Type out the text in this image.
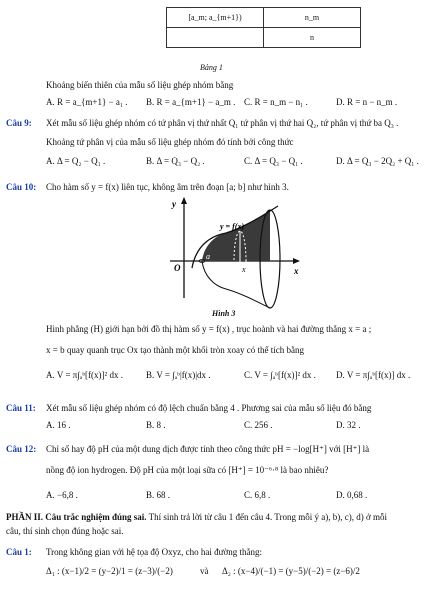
[a_m; a_{m+1})	n_m
	n
Bảng 1
Khoảng biến thiên của mẫu số liệu ghép nhóm bằng
A. R = a_{m+1} − a₁ . B. R = a_{m+1} − a_m . C. R = n_m − n₁ .	D. R = n − n_m .
Câu 9: Xét mẫu số liệu ghép nhóm có tứ phân vị thứ nhất Q₁ tứ phân vị thứ hai Q₂, tứ phân vị thứ ba Q₃ .
Khoảng tứ phân vị của mẫu số liệu ghép nhóm đó tính bởi công thức
A. Δ = Q₂ − Q₁ .	B. Δ = Q₃ − Q₂ .	C. Δ = Q₃ − Q₁ .	D. Δ = Q₃ − 2Q₂ + Q₁ .
Câu 10: Cho hàm số y = f(x) liên tục, không âm trên đoạn [a; b] như hình 3.
y
x
O
a	b
x
y = f(x)
Hình 3
Hình phẳng (H) giới hạn bởi đồ thị hàm số y = f(x) , trục hoành và hai đường thẳng x = a ;
x = b quay quanh trục Ox tạo thành một khối tròn xoay có thể tích bằng
A. V = π∫ₐᵇ[f(x)]² dx .	B. V = ∫ₐᵇ|f(x)|dx .	C. V = ∫ₐᵇ[f(x)]² dx . D. V = π∫ₐᵇ[f(x)] dx .
Câu 11: Xét mẫu số liệu ghép nhóm có độ lệch chuẩn bằng 4 . Phương sai của mẫu số liệu đó bằng
A. 16 .	B. 8 .	C. 256 .	D. 32 .
Câu 12: Chỉ số hay độ pH của một dung dịch được tính theo công thức pH = −log[H⁺] với [H⁺] là
nồng độ ion hydrogen. Độ pH của một loại sữa có [H⁺] = 10⁻⁶·⁸ là bao nhiêu?
A. −6,8 .	B. 68 .	C. 6,8 .	D. 0,68 .
PHẦN II. Câu trắc nghiệm đúng sai. Thí sinh trả lời từ câu 1 đến câu 4. Trong mỗi ý a), b), c), d) ở mỗi
câu, thí sinh chọn đúng hoặc sai.
Câu 1: Trong không gian với hệ tọa độ Oxyz, cho hai đường thẳng:
Δ₁ : (x−1)/2 = (y−2)/1 = (z−3)/(−2)	và Δ₂ : (x−4)/(−1) = (y−5)/(−2) = (z−6)/2
